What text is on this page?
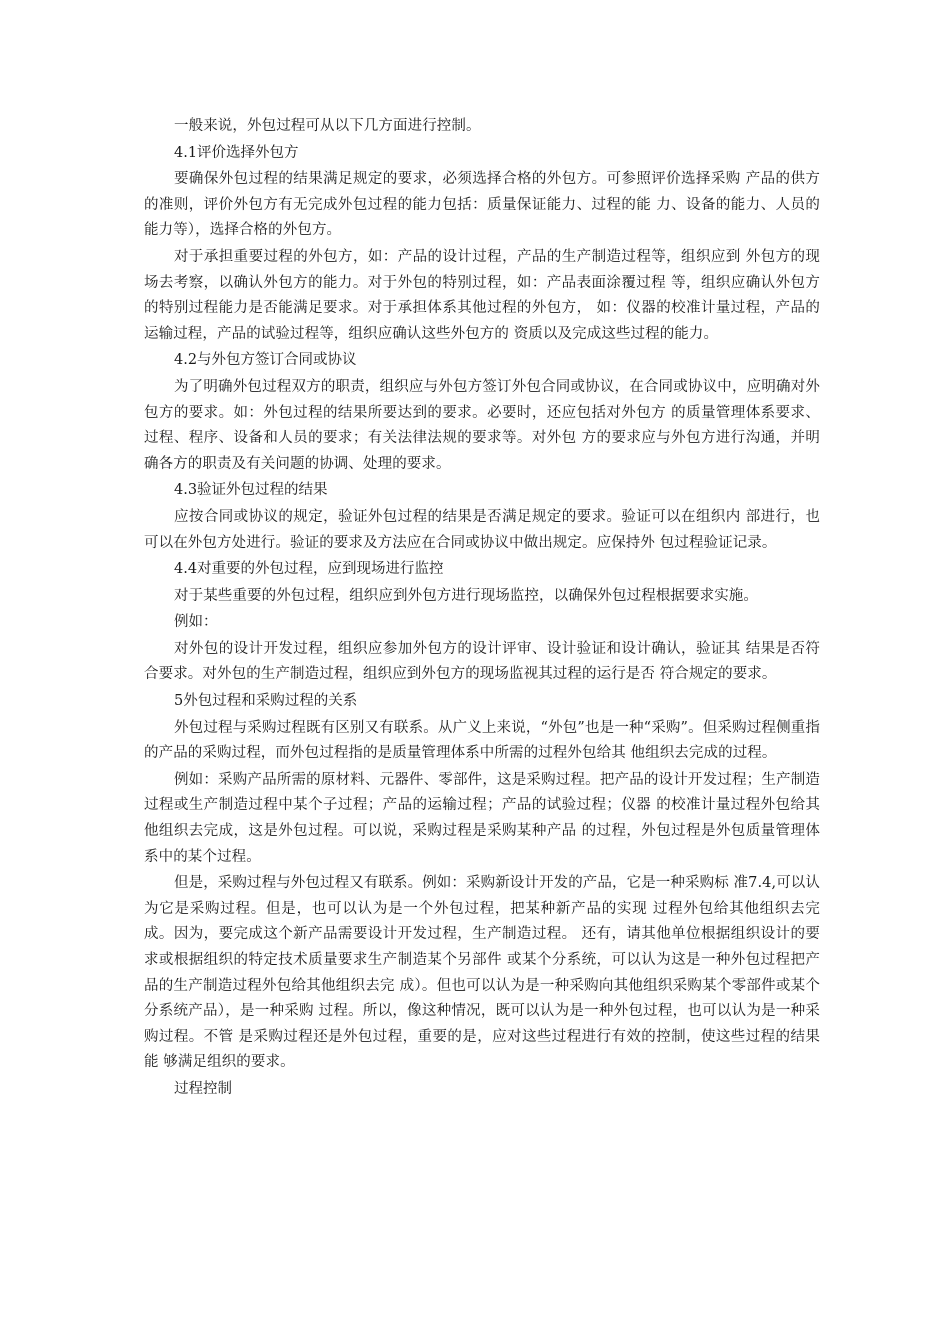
一般来说，外包过程可从以下几方面进行控制。

4.1评价选择外包方

要确保外包过程的结果满足规定的要求，必须选择合格的外包方。可参照评价选择采购 产品的供方的准则，评价外包方有无完成外包过程的能力包括：质量保证能力、过程的能 力、设备的能力、人员的能力等），选择合格的外包方。

对于承担重要过程的外包方，如：产品的设计过程，产品的生产制造过程等，组织应到 外包方的现场去考察，以确认外包方的能力。对于外包的特别过程，如：产品表面涂覆过程 等，组织应确认外包方的特别过程能力是否能满足要求。对于承担体系其他过程的外包方， 如：仪器的校准计量过程，产品的运输过程，产品的试验过程等，组织应确认这些外包方的 资质以及完成这些过程的能力。

4.2与外包方签订合同或协议

为了明确外包过程双方的职责，组织应与外包方签订外包合同或协议，在合同或协议中，应明确对外包方的要求。如：外包过程的结果所要达到的要求。必要时，还应包括对外包方 的质量管理体系要求、过程、程序、设备和人员的要求；有关法律法规的要求等。对外包 方的要求应与外包方进行沟通，并明确各方的职责及有关问题的协调、处理的要求。

4.3验证外包过程的结果

应按合同或协议的规定，验证外包过程的结果是否满足规定的要求。验证可以在组织内 部进行，也可以在外包方处进行。验证的要求及方法应在合同或协议中做出规定。应保持外 包过程验证记录。

4.4对重要的外包过程，应到现场进行监控

对于某些重要的外包过程，组织应到外包方进行现场监控，以确保外包过程根据要求实施。

例如：

对外包的设计开发过程，组织应参加外包方的设计评审、设计验证和设计确认，验证其 结果是否符合要求。对外包的生产制造过程，组织应到外包方的现场监视其过程的运行是否 符合规定的要求。

5外包过程和采购过程的关系

外包过程与采购过程既有区别又有联系。从广义上来说，“外包”也是一种“采购”。但采购过程侧重指的产品的采购过程，而外包过程指的是质量管理体系中所需的过程外包给其 他组织去完成的过程。

例如：采购产品所需的原材料、元器件、零部件，这是采购过程。把产品的设计开发过程；生产制造过程或生产制造过程中某个子过程；产品的运输过程；产品的试验过程；仪器 的校准计量过程外包给其他组织去完成，这是外包过程。可以说，采购过程是采购某种产品 的过程，外包过程是外包质量管理体系中的某个过程。

但是，采购过程与外包过程又有联系。例如：采购新设计开发的产品，它是一种采购标 准7.4,可以认为它是采购过程。但是，也可以认为是一个外包过程，把某种新产品的实现 过程外包给其他组织去完成。因为，要完成这个新产品需要设计开发过程，生产制造过程。 还有，请其他单位根据组织设计的要求或根据组织的特定技术质量要求生产制造某个另部件 或某个分系统，可以认为这是一种外包过程把产品的生产制造过程外包给其他组织去完 成）。但也可以认为是一种采购向其他组织采购某个零部件或某个分系统产品），是一种采购 过程。所以，像这种情况，既可以认为是一种外包过程，也可以认为是一种采购过程。不管 是采购过程还是外包过程，重要的是，应对这些过程进行有效的控制，使这些过程的结果能 够满足组织的要求。

过程控制
